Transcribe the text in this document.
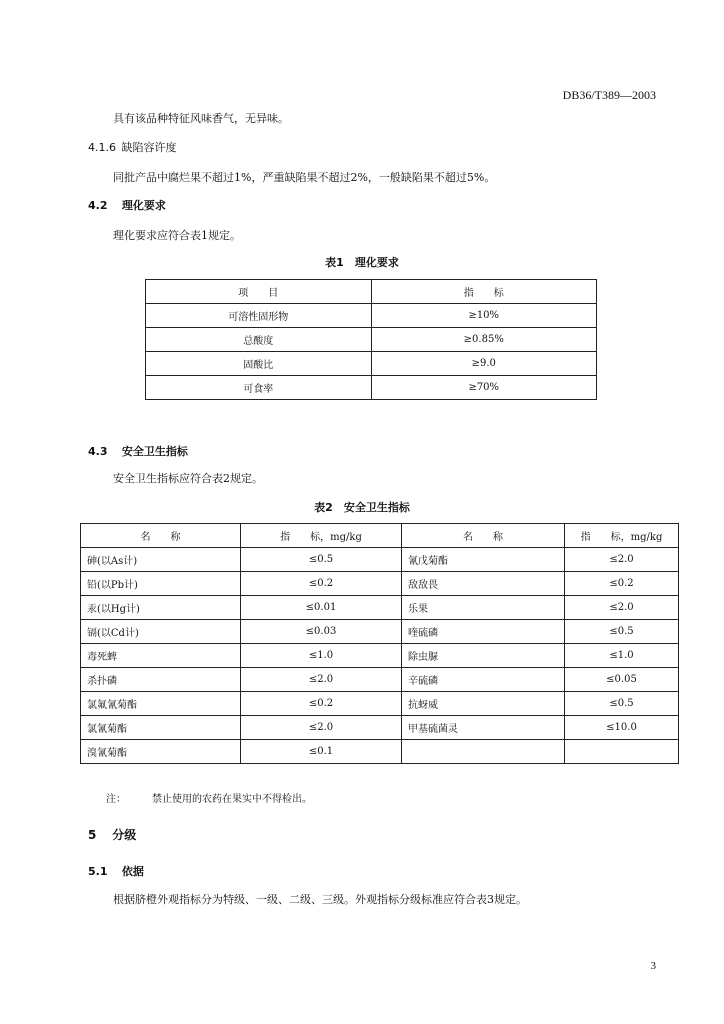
DB36/T389—2003
具有该品种特征风味香气，无异味。
4.1.6 缺陷容许度
同批产品中腐烂果不超过1%，严重缺陷果不超过2%，一般缺陷果不超过5%。
4.2 理化要求
理化要求应符合表1规定。
表1　理化要求
项　　目	指　　标
可溶性固形物	≥10%
总酸度	≥0.85%
固酸比	≥9.0
可食率	≥70%
4.3 安全卫生指标
安全卫生指标应符合表2规定。
表2　安全卫生指标
名　　称	指　　标，mg/kg	名　　称	指　　标，mg/kg
砷(以As计)	≤0.5	氰戊菊酯	≤2.0
铅(以Pb计)	≤0.2	敌敌畏	≤0.2
汞(以Hg计)	≤0.01	乐果	≤2.0
镉(以Cd计)	≤0.03	喹硫磷	≤0.5
毒死蜱	≤1.0	除虫脲	≤1.0
杀扑磷	≤2.0	辛硫磷	≤0.05
氯氟氰菊酯	≤0.2	抗蚜威	≤0.5
氯氰菊酯	≤2.0	甲基硫菌灵	≤10.0
溴氰菊酯	≤0.1		
注：	禁止使用的农药在果实中不得检出。
5 分级
5.1 依据
根据脐橙外观指标分为特级、一级、二级、三级。外观指标分级标准应符合表3规定。
3
